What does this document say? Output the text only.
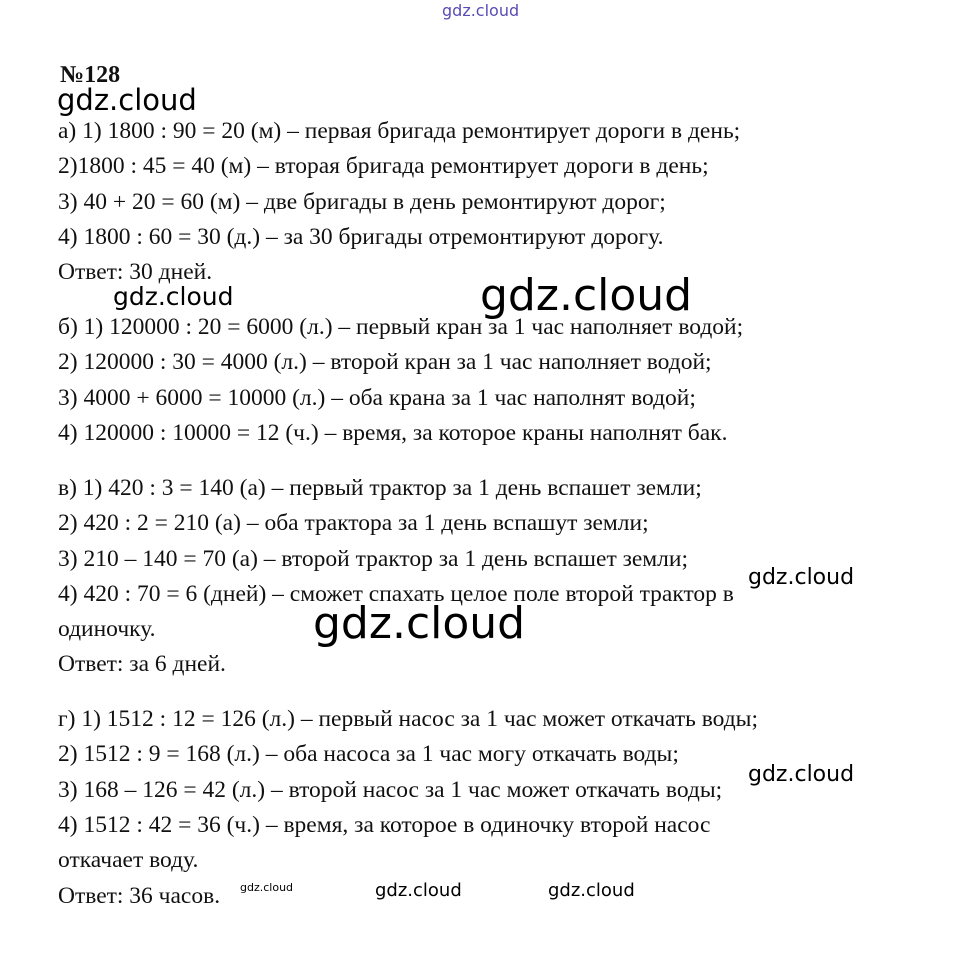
gdz.cloud
№128
а) 1) 1800 : 90 = 20 (м) – первая бригада ремонтирует дороги в день;
2)1800 : 45 = 40 (м) – вторая бригада ремонтирует дороги в день;
3) 40 + 20 = 60 (м) – две бригады в день ремонтируют дорог;
4) 1800 : 60 = 30 (д.) – за 30 бригады отремонтируют дорогу.
Ответ: 30 дней.
б) 1) 120000 : 20 = 6000 (л.) – первый кран за 1 час наполняет водой;
2) 120000 : 30 = 4000 (л.) – второй кран за 1 час наполняет водой;
3) 4000 + 6000 = 10000 (л.) – оба крана за 1 час наполнят водой;
4) 120000 : 10000 = 12 (ч.) – время, за которое краны наполнят бак.
в) 1) 420 : 3 = 140 (а) – первый трактор за 1 день вспашет земли;
2) 420 : 2 = 210 (а) – оба трактора за 1 день вспашут земли;
3) 210 – 140 = 70 (а) – второй трактор за 1 день вспашет земли;
4) 420 : 70 = 6 (дней) – сможет спахать целое поле второй трактор в
одиночку.
Ответ: за 6 дней.
г) 1) 1512 : 12 = 126 (л.) – первый насос за 1 час может откачать воды;
2) 1512 : 9 = 168 (л.) – оба насоса за 1 час могу откачать воды;
3) 168 – 126 = 42 (л.) – второй насос за 1 час может откачать воды;
4) 1512 : 42 = 36 (ч.) – время, за которое в одиночку второй насос
откачает воду.
Ответ: 36 часов.
gdz.cloud
gdz.cloud	gdz.cloud
gdz.cloud
gdz.cloud
gdz.cloud
gdz.cloud	gdz.cloud	gdz.cloud
